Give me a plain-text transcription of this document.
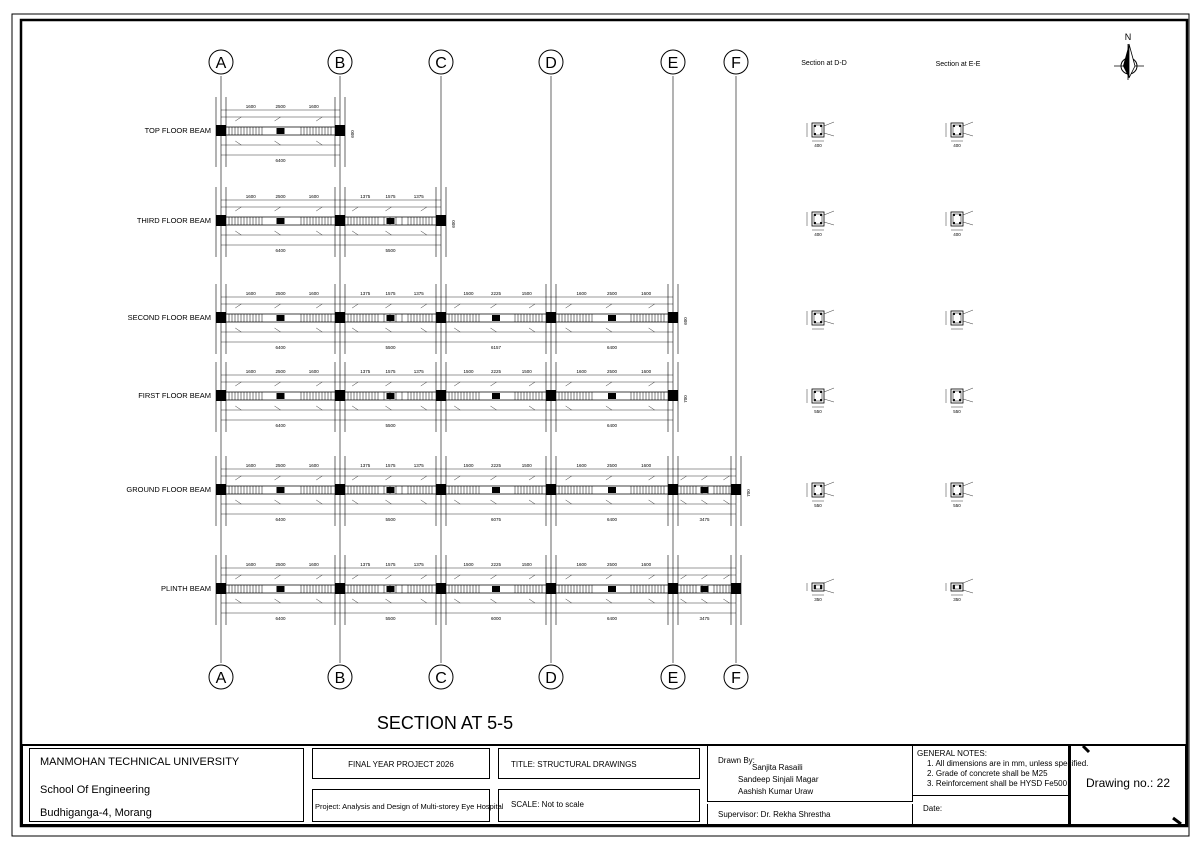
A
A
B
B
C
C
D
D
E
E
F
F
TOP FLOOR BEAM
1600	2500	1600
6400
600
THIRD FLOOR BEAM
1600	2500	1600
6400
1375	1575	1375
5500
600
SECOND FLOOR BEAM
1600	2500	1600
6400
1375	1575	1375
5500
1500	2225	1500
6157
1600	2500	1600
6400
600
FIRST FLOOR BEAM
1600	2500	1600
6400
1375	1575	1375
5500
1500	2225	1500	1600	2500	1600
6400
700
GROUND FLOOR BEAM
1600	2500	1600
6400
1375	1575	1375
5500
1500	2225	1500
6075
1600	2500	1600
6400	3475
700
PLINTH BEAM
1600	2500	1600
6400
1375	1575	1375
5500
1500	2225	1500
6000
1600	2500	1600
6400	3475
Section at D-D	Section at E-E
400
400
550
550
350
400
400
550
550
350
N
SECTION AT 5-5
MANMOHAN TECHNICAL UNIVERSITY
School Of Engineering
Budhiganga-4, Morang
FINAL YEAR PROJECT 2026
Project: Analysis and Design of Multi-storey Eye Hospital
TITLE: STRUCTURAL DRAWINGS
SCALE: Not to scale
Drawn By:
Sanjita Rasaili
Sandeep Sinjali Magar
Aashish Kumar Uraw
Supervisor: Dr. Rekha Shrestha
GENERAL NOTES:
1. All dimensions are in mm, unless specified.
2. Grade of concrete shall be M25
3. Reinforcement shall be HYSD Fe500
Date:
Drawing no.: 22
